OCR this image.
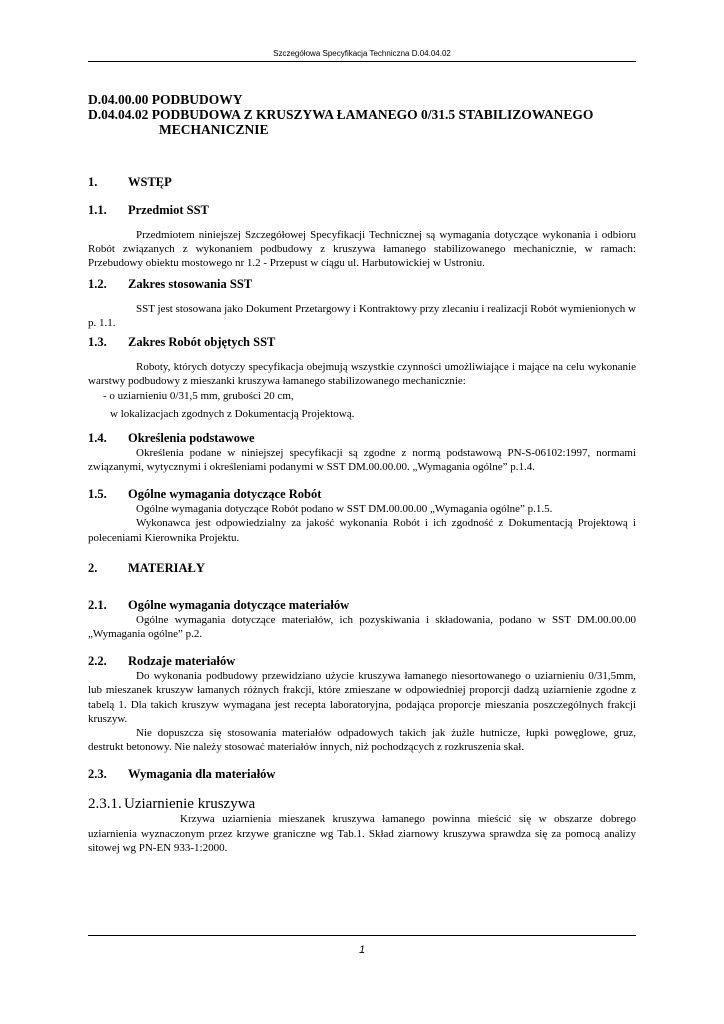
Szczegółowa Specyfikacja Techniczna D.04.04.02
D.04.00.00 PODBUDOWY
D.04.04.02 PODBUDOWA Z KRUSZYWA ŁAMANEGO 0/31.5 STABILIZOWANEGO
MECHANICZNIE
1.	WSTĘP
1.1.	Przedmiot SST

Przedmiotem niniejszej Szczegółowej Specyfikacji Technicznej są wymagania dotyczące wykonania i odbioru Robót związanych z wykonaniem podbudowy z kruszywa łamanego stabilizowanego mechanicznie, w ramach: Przebudowy obiektu mostowego nr 1.2 - Przepust w ciągu ul. Harbutowickiej w Ustroniu.

1.2.	Zakres stosowania SST

SST jest stosowana jako Dokument Przetargowy i Kontraktowy przy zlecaniu i realizacji Robót wymienionych w p. 1.1.

1.3.	Zakres Robót objętych SST

Roboty, których dotyczy specyfikacja obejmują wszystkie czynności umożliwiające i mające na celu wykonanie warstwy podbudowy z mieszanki kruszywa łamanego stabilizowanego mechanicznie:

- o uziarnieniu 0/31,5 mm, grubości 20 cm,
w lokalizacjach zgodnych z Dokumentacją Projektową.
1.4.	Określenia podstawowe

Określenia podane w niniejszej specyfikacji są zgodne z normą podstawową PN-S-06102:1997, normami związanymi, wytycznymi i określeniami podanymi w SST DM.00.00.00. „Wymagania ogólne” p.1.4.

1.5.	Ogólne wymagania dotyczące Robót

Ogólne wymagania dotyczące Robót podano w SST DM.00.00.00 „Wymagania ogólne” p.1.5.

Wykonawca jest odpowiedzialny za jakość wykonania Robót i ich zgodność z Dokumentacją Projektową i poleceniami Kierownika Projektu.

2.	MATERIAŁY
2.1.	Ogólne wymagania dotyczące materiałów

Ogólne wymagania dotyczące materiałów, ich pozyskiwania i składowania, podano w SST DM.00.00.00 „Wymagania ogólne” p.2.

2.2.	Rodzaje materiałów

Do wykonania podbudowy przewidziano użycie kruszywa łamanego niesortowanego o uziarnieniu 0/31,5mm, lub mieszanek kruszyw łamanych różnych frakcji, które zmieszane w odpowiedniej proporcji dadzą uziarnienie zgodne z tabelą 1. Dla takich kruszyw wymagana jest recepta laboratoryjna, podająca proporcje mieszania poszczególnych frakcji kruszyw.

Nie dopuszcza się stosowania materiałów odpadowych takich jak żużle hutnicze, łupki powęglowe, gruz, destrukt betonowy. Nie należy stosować materiałów innych, niż pochodzących z rozkruszenia skał.

2.3.	Wymagania dla materiałów
2.3.1. Uziarnienie kruszywa

Krzywa uziarnienia mieszanek kruszywa łamanego powinna mieścić się w obszarze dobrego uziarnienia wyznaczonym przez krzywe graniczne wg Tab.1. Skład ziarnowy kruszywa sprawdza się za pomocą analizy sitowej wg PN-EN 933-1:2000.

1
